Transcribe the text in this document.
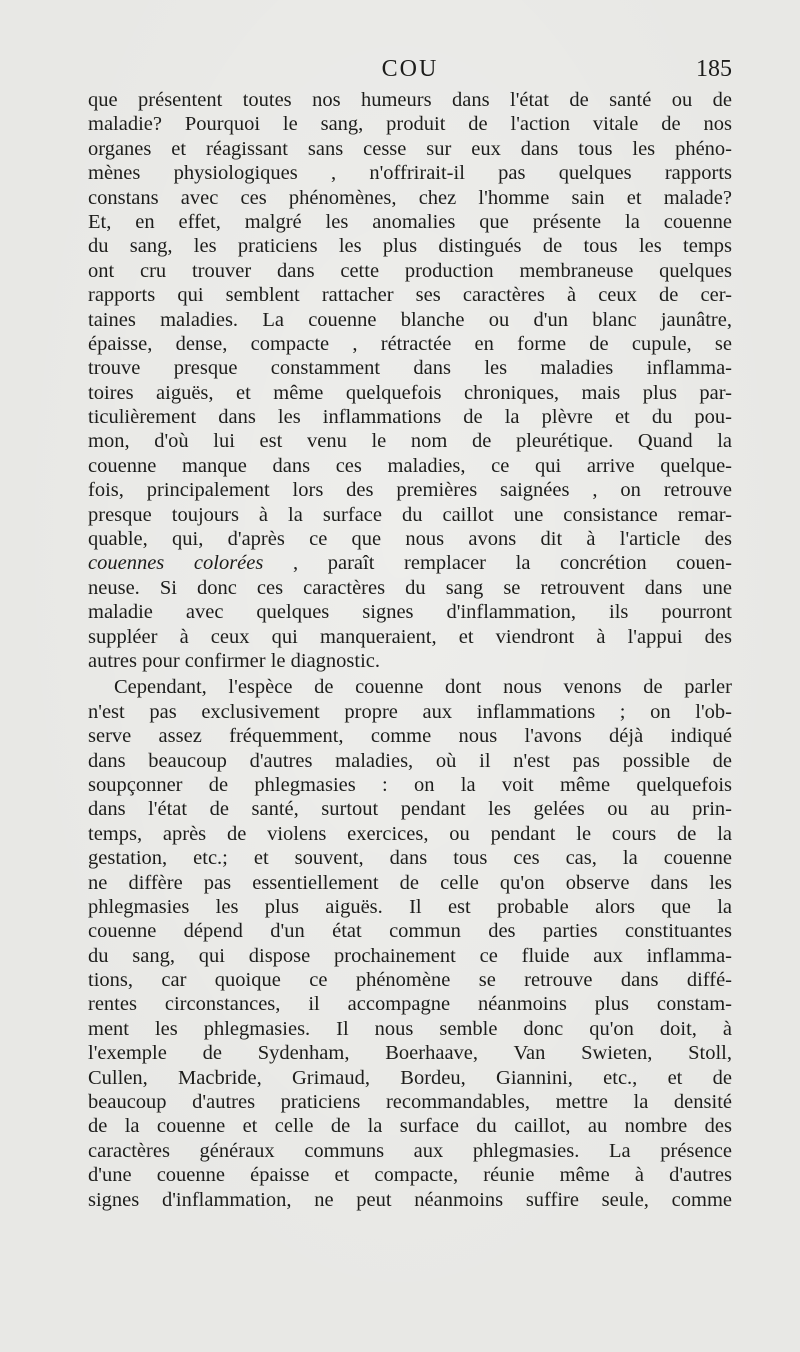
COU	185
que présentent toutes nos humeurs dans l'état de santé ou de
maladie? Pourquoi le sang, produit de l'action vitale de nos
organes et réagissant sans cesse sur eux dans tous les phéno-
mènes physiologiques , n'offrirait-il pas quelques rapports
constans avec ces phénomènes, chez l'homme sain et malade?
Et, en effet, malgré les anomalies que présente la couenne
du sang, les praticiens les plus distingués de tous les temps
ont cru trouver dans cette production membraneuse quelques
rapports qui semblent rattacher ses caractères à ceux de cer-
taines maladies. La couenne blanche ou d'un blanc jaunâtre,
épaisse, dense, compacte , rétractée en forme de cupule, se
trouve presque constamment dans les maladies inflamma-
toires aiguës, et même quelquefois chroniques, mais plus par-
ticulièrement dans les inflammations de la plèvre et du pou-
mon, d'où lui est venu le nom de pleurétique. Quand la
couenne manque dans ces maladies, ce qui arrive quelque-
fois, principalement lors des premières saignées , on retrouve
presque toujours à la surface du caillot une consistance remar-
quable, qui, d'après ce que nous avons dit à l'article des
couennes colorées , paraît remplacer la concrétion couen-
neuse. Si donc ces caractères du sang se retrouvent dans une
maladie avec quelques signes d'inflammation, ils pourront
suppléer à ceux qui manqueraient, et viendront à l'appui des
autres pour confirmer le diagnostic.
Cependant, l'espèce de couenne dont nous venons de parler
n'est pas exclusivement propre aux inflammations ; on l'ob-
serve assez fréquemment, comme nous l'avons déjà indiqué
dans beaucoup d'autres maladies, où il n'est pas possible de
soupçonner de phlegmasies : on la voit même quelquefois
dans l'état de santé, surtout pendant les gelées ou au prin-
temps, après de violens exercices, ou pendant le cours de la
gestation, etc.; et souvent, dans tous ces cas, la couenne
ne diffère pas essentiellement de celle qu'on observe dans les
phlegmasies les plus aiguës. Il est probable alors que la
couenne dépend d'un état commun des parties constituantes
du sang, qui dispose prochainement ce fluide aux inflamma-
tions, car quoique ce phénomène se retrouve dans diffé-
rentes circonstances, il accompagne néanmoins plus constam-
ment les phlegmasies. Il nous semble donc qu'on doit, à
l'exemple de Sydenham, Boerhaave, Van Swieten, Stoll,
Cullen, Macbride, Grimaud, Bordeu, Giannini, etc., et de
beaucoup d'autres praticiens recommandables, mettre la densité
de la couenne et celle de la surface du caillot, au nombre des
caractères généraux communs aux phlegmasies. La présence
d'une couenne épaisse et compacte, réunie même à d'autres
signes d'inflammation, ne peut néanmoins suffire seule, comme
